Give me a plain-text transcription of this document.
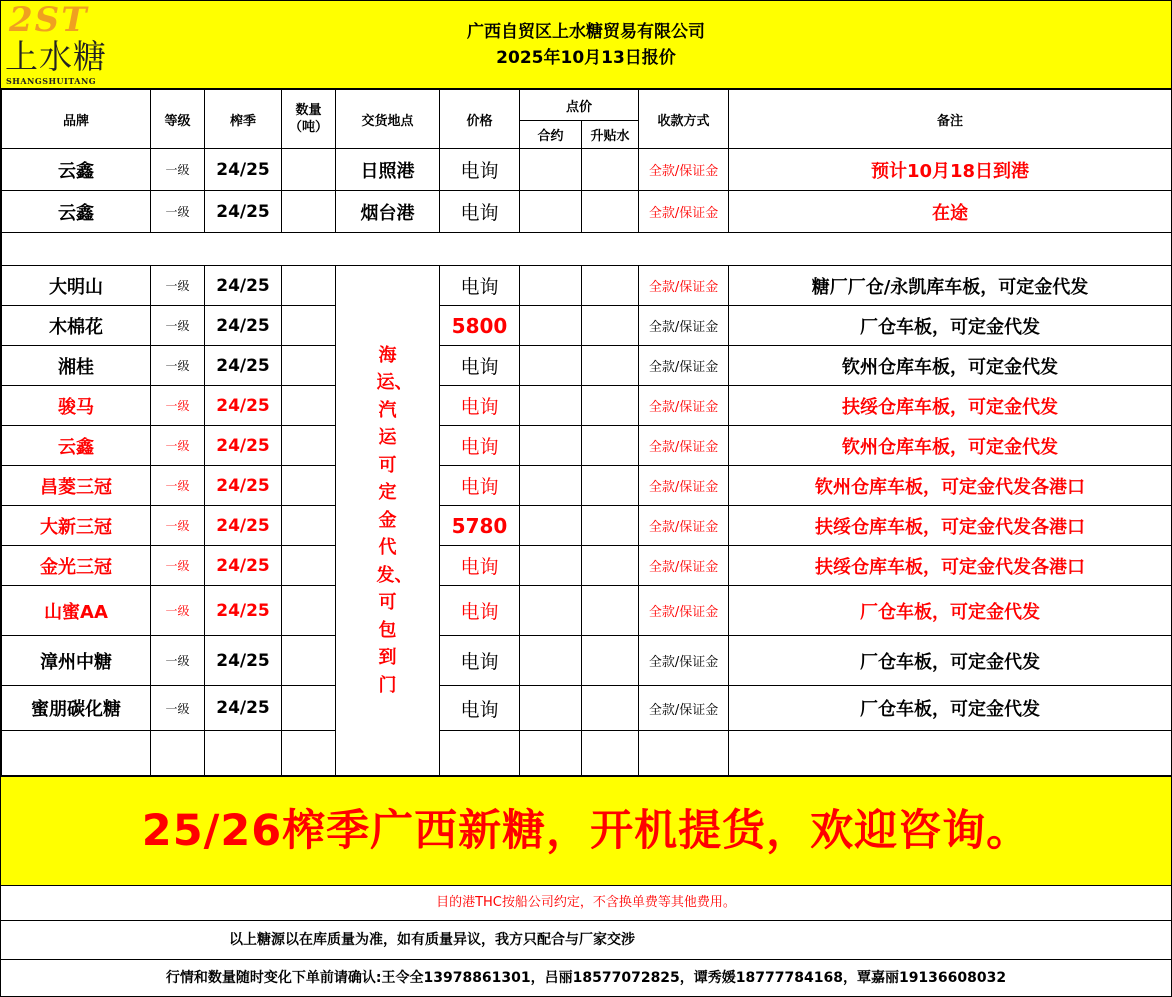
2ST
上水糖
SHANGSHUITANG
广西自贸区上水糖贸易有限公司
2025年10月13日报价
品牌	等级	榨季	数量（吨）	交货地点	价格	点价		收款方式	备注
						合约	升贴水		
云鑫	一级	24/25		日照港	电询			全款/保证金	预计10月18日到港
云鑫	一级	24/25		烟台港	电询			全款/保证金	在途

大明山	一级	24/25		海运、汽运可定金代发、可包到门	电询			全款/保证金	糖厂厂仓/永凯库车板，可定金代发
木棉花	一级	24/25			5800			全款/保证金	厂仓车板，可定金代发
湘桂	一级	24/25			电询			全款/保证金	钦州仓库车板，可定金代发
骏马	一级	24/25			电询			全款/保证金	扶绥仓库车板，可定金代发
云鑫	一级	24/25			电询			全款/保证金	钦州仓库车板，可定金代发
昌菱三冠	一级	24/25			电询			全款/保证金	钦州仓库车板，可定金代发各港口
大新三冠	一级	24/25			5780			全款/保证金	扶绥仓库车板，可定金代发各港口
金光三冠	一级	24/25			电询			全款/保证金	扶绥仓库车板，可定金代发各港口
山蜜AA	一级	24/25			电询			全款/保证金	厂仓车板，可定金代发
漳州中糖	一级	24/25			电询			全款/保证金	厂仓车板，可定金代发
蜜朋碳化糖	一级	24/25			电询			全款/保证金	厂仓车板，可定金代发

25/26榨季广西新糖，开机提货，欢迎咨询。
目的港THC按船公司约定，不含换单费等其他费用。
以上糖源以在库质量为准，如有质量异议，我方只配合与厂家交涉
行情和数量随时变化下单前请确认:王令全13978861301，吕丽18577072825，谭秀媛18777784168，覃嘉丽19136608032
